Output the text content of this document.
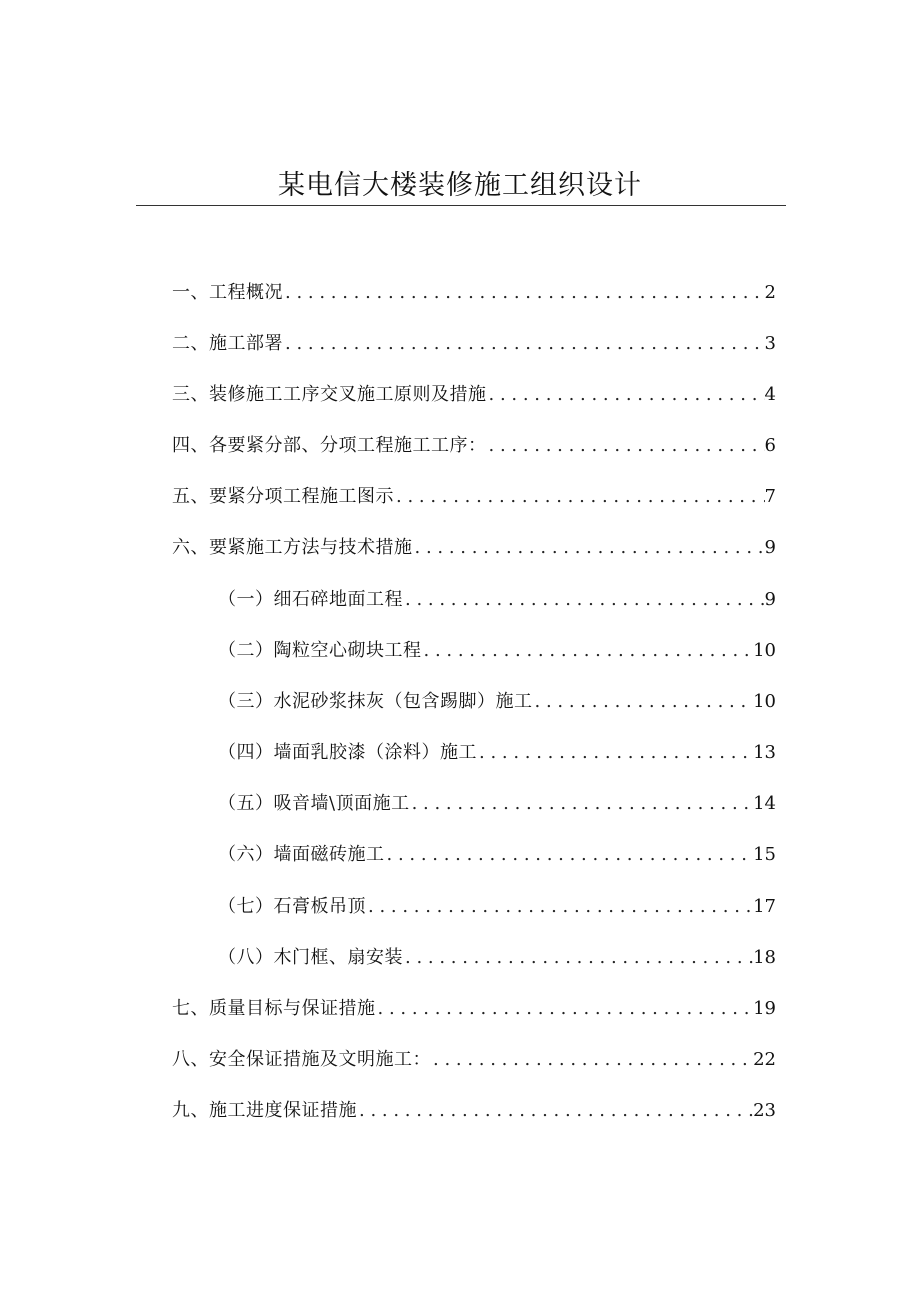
某电信大楼装修施工组织设计
一、工程概况 . . .	2
二、施工部署 . . .	3
三、装修施工工序交叉施工原则及措施 . . .	4
四、各要紧分部、分项工程施工工序： . . .	6
五、要紧分项工程施工图示 . . .	7
六、要紧施工方法与技术措施 . . .	9
（一）细石碎地面工程 . . .	9
（二）陶粒空心砌块工程 . . .	10
（三）水泥砂浆抹灰（包含踢脚）施工 . . .	10
（四）墙面乳胶漆（涂料）施工 . . .	13
（五）吸音墙\顶面施工 . . .	14
（六）墙面磁砖施工 . . .	15
（七）石膏板吊顶 . . .	17
（八）木门框、扇安装 . . .	18
七、质量目标与保证措施 . . .	19
八、安全保证措施及文明施工： . . .	22
九、施工进度保证措施 . . .	23
